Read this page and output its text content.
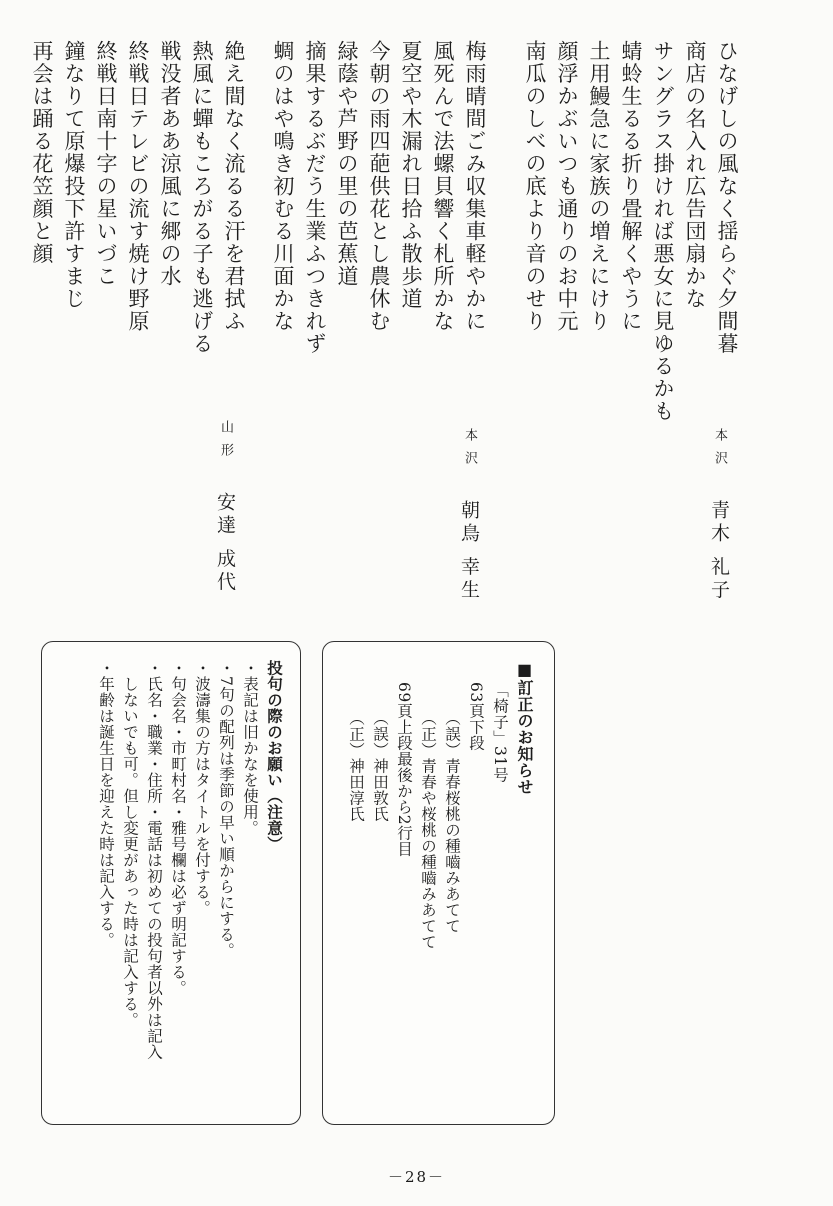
ひなげしの風なく揺らぐ夕間暮
商店の名入れ広告団扇かな
サングラス掛ければ悪女に見ゆるかも
蜻蛉生るる折り畳解くやうに
土用鰻急に家族の増えにけり
顔浮かぶいつも通りのお中元
南瓜のしべの底より音のせり
本沢青木 礼子
梅雨晴間ごみ収集車軽やかに
風死んで法螺貝響く札所かな
夏空や木漏れ日拾ふ散歩道
今朝の雨四葩供花とし農休む
緑蔭や芦野の里の芭蕉道
摘果するぶだう生業ふつきれず
蜩のはや鳴き初むる川面かな
本沢朝鳥 幸生
絶え間なく流るる汗を君拭ふ
熱風に蟬もころがる子も逃げる
戦没者ああ涼風に郷の水
終戦日テレビの流す焼け野原
終戦日南十字の星いづこ
鐘なりて原爆投下許すまじ
再会は踊る花笠顔と顔
山形安達 成代
■訂正のお知らせ
「椅子」31号
63頁下段
（誤）青春桜桃の種嚙みあてて
（正）青春や桜桃の種嚙みあてて
69頁上段最後から2行目
（誤）神田敦氏
（正）神田淳氏
投句の際のお願い（注意）
・表記は旧かなを使用。
・7句の配列は季節の早い順からにする。
・波濤集の方はタイトルを付する。
・句会名・市町村名・雅号欄は必ず明記する。
・氏名・職業・住所・電話は初めての投句者以外は記入
しないでも可。但し変更があった時は記入する。
・年齢は誕生日を迎えた時は記入する。
－28－
